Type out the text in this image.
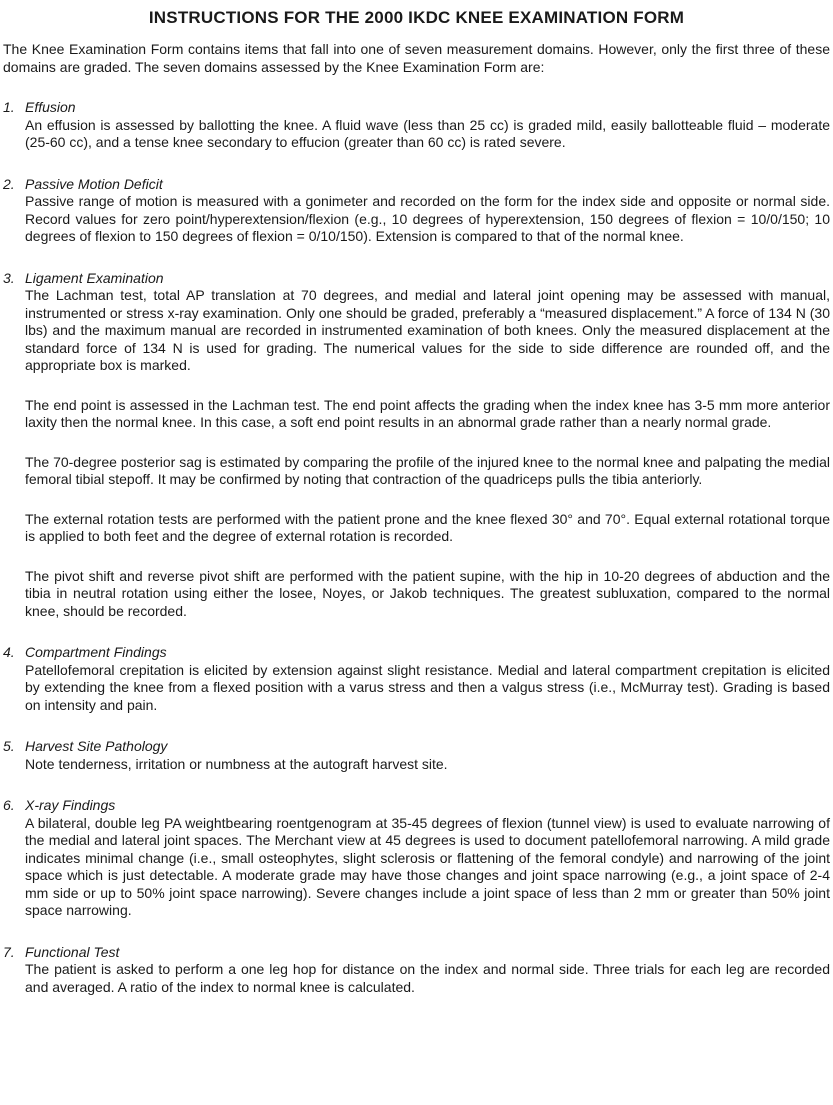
INSTRUCTIONS FOR THE 2000 IKDC KNEE EXAMINATION FORM

The Knee Examination Form contains items that fall into one of seven measurement domains. However, only the first three of these domains are graded. The seven domains assessed by the Knee Examination Form are:

1. Effusion

An effusion is assessed by ballotting the knee. A fluid wave (less than 25 cc) is graded mild, easily ballotteable fluid – moderate (25-60 cc), and a tense knee secondary to effucion (greater than 60 cc) is rated severe.

2. Passive Motion Deficit

Passive range of motion is measured with a gonimeter and recorded on the form for the index side and opposite or normal side. Record values for zero point/hyperextension/flexion (e.g., 10 degrees of hyperextension, 150 degrees of flexion = 10/0/150; 10 degrees of flexion to 150 degrees of flexion = 0/10/150). Extension is compared to that of the normal knee.

3. Ligament Examination

The Lachman test, total AP translation at 70 degrees, and medial and lateral joint opening may be assessed with manual, instrumented or stress x-ray examination. Only one should be graded, preferably a “measured displacement.” A force of 134 N (30 lbs) and the maximum manual are recorded in instrumented examination of both knees. Only the measured displacement at the standard force of 134 N is used for grading. The numerical values for the side to side difference are rounded off, and the appropriate box is marked.

The end point is assessed in the Lachman test. The end point affects the grading when the index knee has 3-5 mm more anterior laxity then the normal knee. In this case, a soft end point results in an abnormal grade rather than a nearly normal grade.

The 70-degree posterior sag is estimated by comparing the profile of the injured knee to the normal knee and palpating the medial femoral tibial stepoff. It may be confirmed by noting that contraction of the quadriceps pulls the tibia anteriorly.

The external rotation tests are performed with the patient prone and the knee flexed 30° and 70°. Equal external rotational torque is applied to both feet and the degree of external rotation is recorded.

The pivot shift and reverse pivot shift are performed with the patient supine, with the hip in 10-20 degrees of abduction and the tibia in neutral rotation using either the losee, Noyes, or Jakob techniques. The greatest subluxation, compared to the normal knee, should be recorded.

4. Compartment Findings

Patellofemoral crepitation is elicited by extension against slight resistance. Medial and lateral compartment crepitation is elicited by extending the knee from a flexed position with a varus stress and then a valgus stress (i.e., McMurray test). Grading is based on intensity and pain.

5. Harvest Site Pathology

Note tenderness, irritation or numbness at the autograft harvest site.

6. X-ray Findings

A bilateral, double leg PA weightbearing roentgenogram at 35-45 degrees of flexion (tunnel view) is used to evaluate narrowing of the medial and lateral joint spaces. The Merchant view at 45 degrees is used to document patellofemoral narrowing. A mild grade indicates minimal change (i.e., small osteophytes, slight sclerosis or flattening of the femoral condyle) and narrowing of the joint space which is just detectable. A moderate grade may have those changes and joint space narrowing (e.g., a joint space of 2-4 mm side or up to 50% joint space narrowing). Severe changes include a joint space of less than 2 mm or greater than 50% joint space narrowing.

7. Functional Test

The patient is asked to perform a one leg hop for distance on the index and normal side. Three trials for each leg are recorded and averaged. A ratio of the index to normal knee is calculated.
